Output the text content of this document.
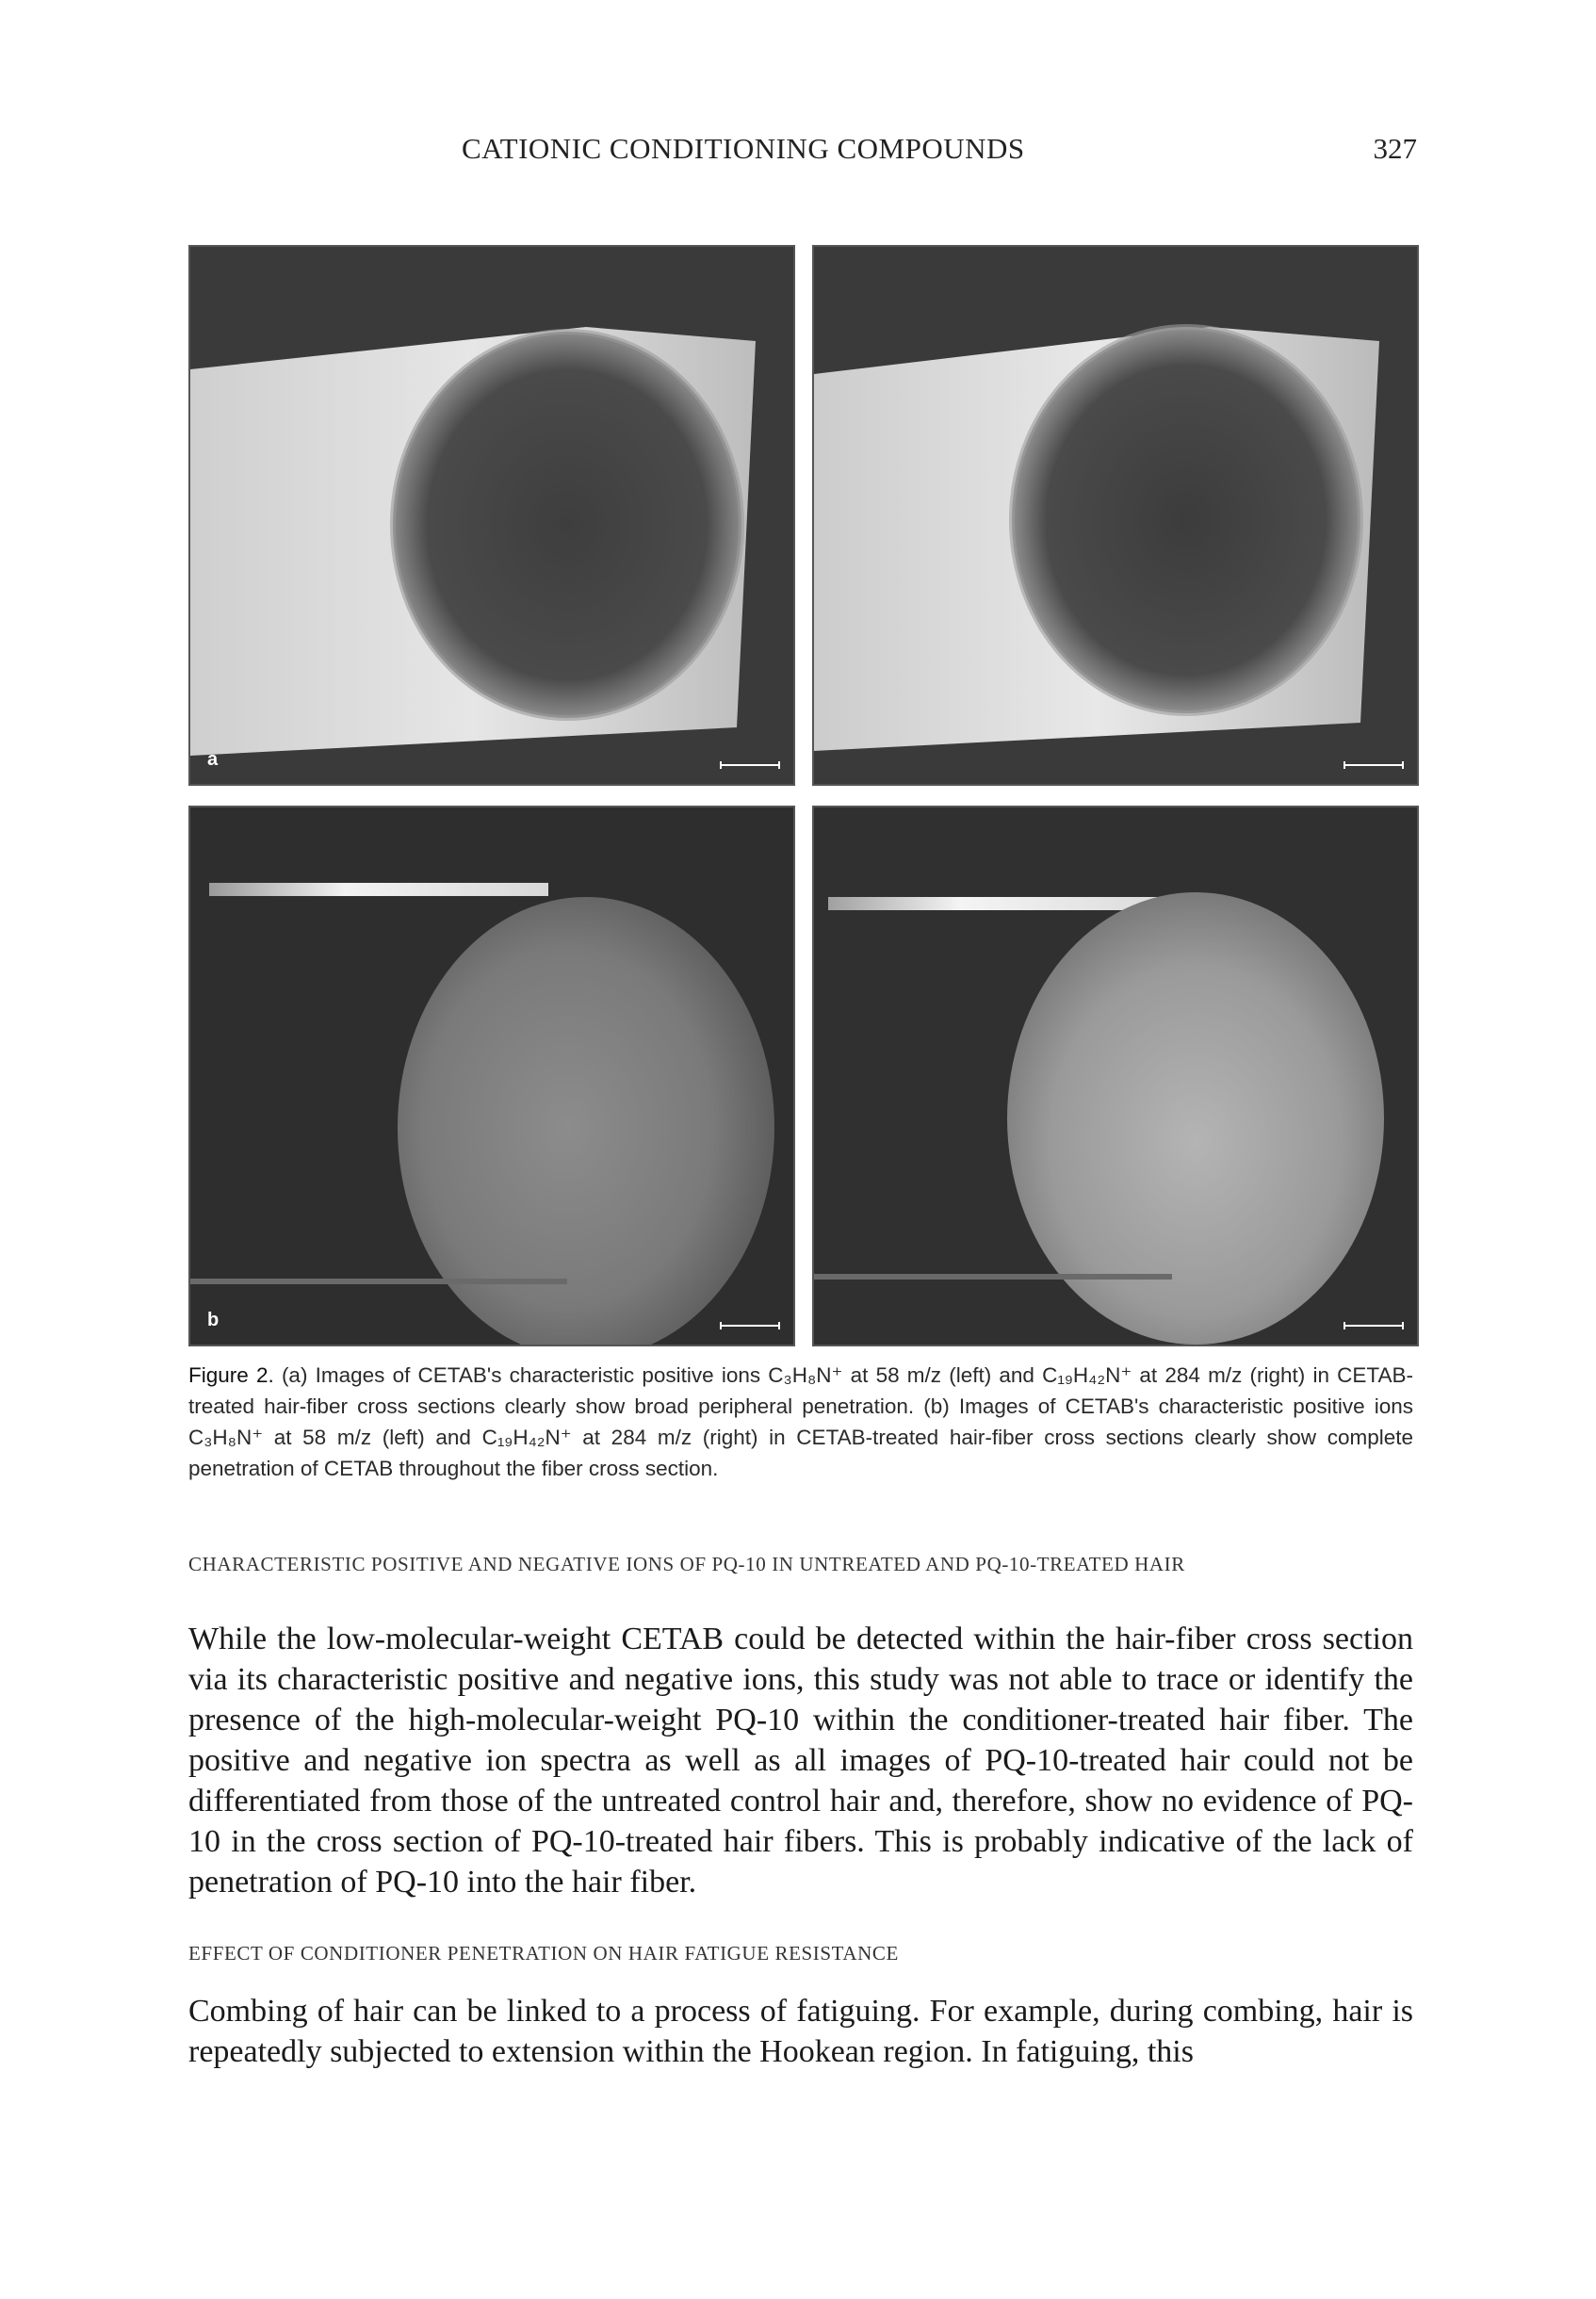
CATIONIC CONDITIONING COMPOUNDS	327
a
b
Figure 2. (a) Images of CETAB's characteristic positive ions C₃H₈N⁺ at 58 m/z (left) and C₁₉H₄₂N⁺ at 284 m/z (right) in CETAB-treated hair-fiber cross sections clearly show broad peripheral penetration. (b) Images of CETAB's characteristic positive ions C₃H₈N⁺ at 58 m/z (left) and C₁₉H₄₂N⁺ at 284 m/z (right) in CETAB-treated hair-fiber cross sections clearly show complete penetration of CETAB throughout the fiber cross section.
CHARACTERISTIC POSITIVE AND NEGATIVE IONS OF PQ-10 IN UNTREATED AND PQ-10-TREATED HAIR

While the low-molecular-weight CETAB could be detected within the hair-fiber cross section via its characteristic positive and negative ions, this study was not able to trace or identify the presence of the high-molecular-weight PQ-10 within the conditioner-treated hair fiber. The positive and negative ion spectra as well as all images of PQ-10-treated hair could not be differentiated from those of the untreated control hair and, therefore, show no evidence of PQ-10 in the cross section of PQ-10-treated hair fibers. This is probably indicative of the lack of penetration of PQ-10 into the hair fiber.

EFFECT OF CONDITIONER PENETRATION ON HAIR FATIGUE RESISTANCE

Combing of hair can be linked to a process of fatiguing. For example, during combing, hair is repeatedly subjected to extension within the Hookean region. In fatiguing, this
